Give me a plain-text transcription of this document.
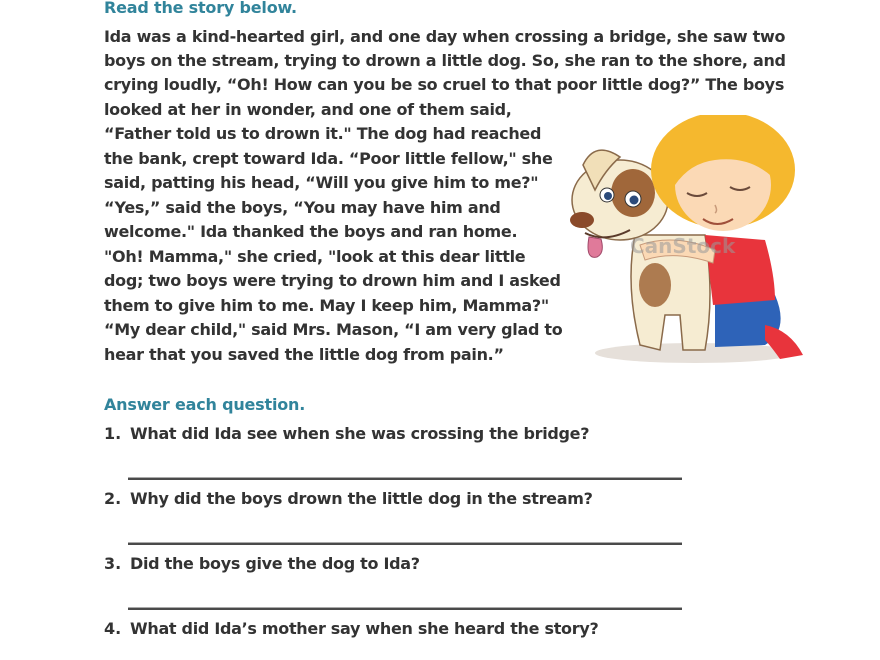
Read the story below.
Ida was a kind-hearted girl, and one day when crossing a bridge, she saw two
boys on the stream, trying to drown a little dog. So, she ran to the shore, and
crying loudly, “Oh! How can you be so cruel to that poor little dog?” The boys
looked at her in wonder, and one of them said,
“Father told us to drown it." The dog had reached
the bank, crept toward Ida. “Poor little fellow," she
said, patting his head, “Will you give him to me?"
“Yes,” said the boys, “You may have him and
welcome." Ida thanked the boys and ran home.
"Oh! Mamma," she cried, "look at this dear little
dog; two boys were trying to drown him and I asked
them to give him to me. May I keep him, Mamma?"
“My dear child," said Mrs. Mason, “I am very glad to
hear that you saved the little dog from pain.”
CanStock
Answer each question.
1. What did Ida see when she was crossing the bridge?
2. Why did the boys drown the little dog in the stream?
3. Did the boys give the dog to Ida?
4. What did Ida’s mother say when she heard the story?
